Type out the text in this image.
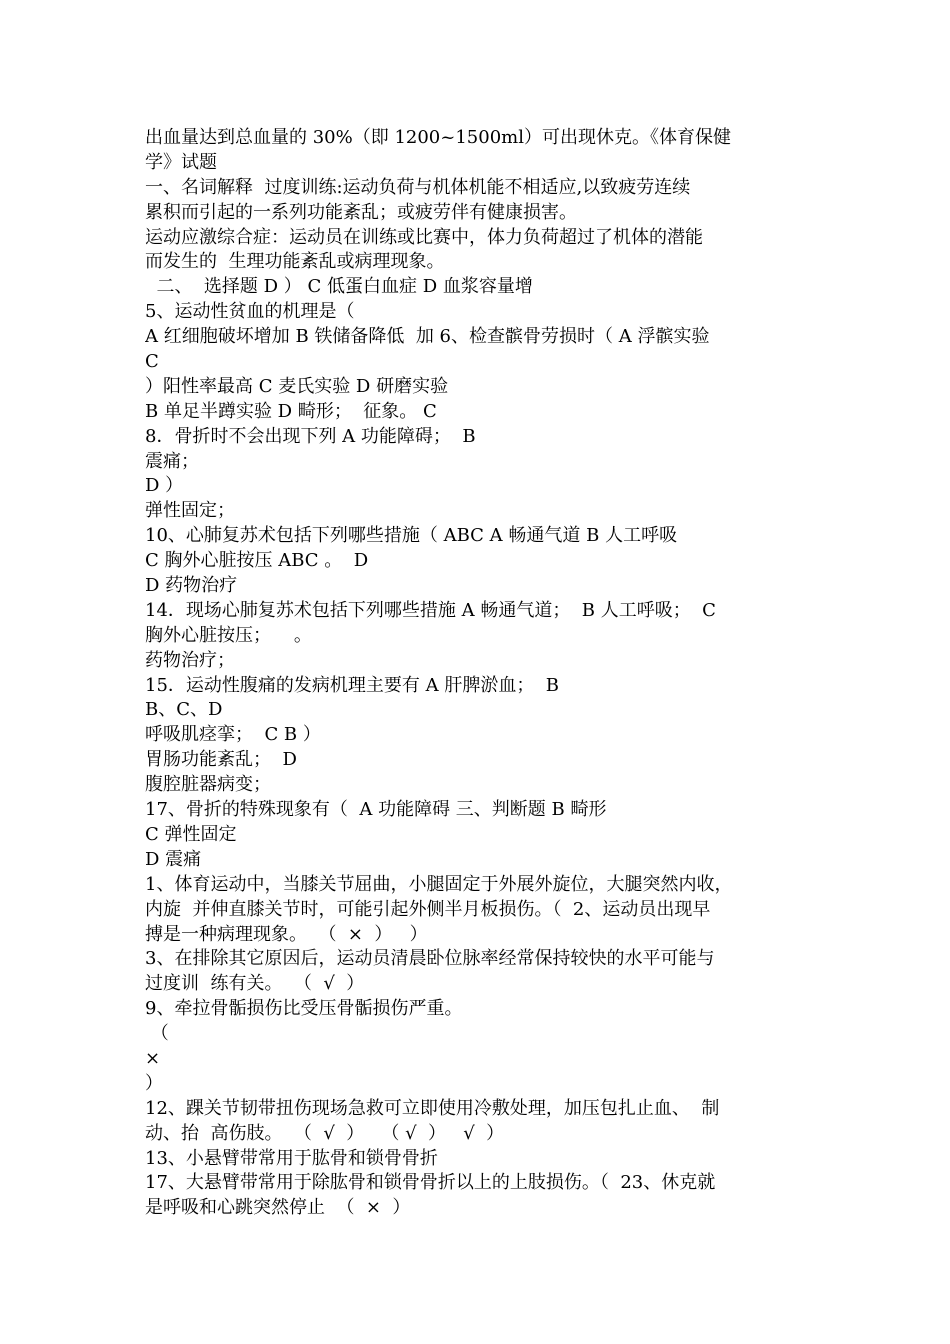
出血量达到总血量的 30%（即 1200~1500ml）可出现休克。《体育保健
学》试题
一、名词解释  过度训练:运动负荷与机体机能不相适应,以致疲劳连续
累积而引起的一系列功能紊乱；或疲劳伴有健康损害。
运动应激综合症：运动员在训练或比赛中，体力负荷超过了机体的潜能
而发生的  生理功能紊乱或病理现象。
二、  选择题 D ） C 低蛋白血症 D 血浆容量增
5、运动性贫血的机理是（
A 红细胞破坏增加 B 铁储备降低  加 6、检查髌骨劳损时（ A 浮髌实验
C
）阳性率最高 C 麦氏实验 D 研磨实验
B 单足半蹲实验 D 畸形；  征象。 C
8．骨折时不会出现下列 A 功能障碍；  B
震痛；
D ）
弹性固定；
10、心肺复苏术包括下列哪些措施（ ABC A 畅通气道 B 人工呼吸
C 胸外心脏按压 ABC 。  D
D 药物治疗
14．现场心肺复苏术包括下列哪些措施 A 畅通气道；  B 人工呼吸；  C
胸外心脏按压；    。
药物治疗；
15．运动性腹痛的发病机理主要有 A 肝脾淤血；  B
B、C、D
呼吸肌痉挛；  C B ）
胃肠功能紊乱；  D
腹腔脏器病变；
17、骨折的特殊现象有（  A 功能障碍 三、判断题 B 畸形
C 弹性固定
D 震痛
1、体育运动中，当膝关节屈曲，小腿固定于外展外旋位，大腿突然内收，
内旋  并伸直膝关节时，可能引起外侧半月板损伤。（  2、运动员出现早
搏是一种病理现象。  （  ×  ）   ）
3、在排除其它原因后，运动员清晨卧位脉率经常保持较快的水平可能与
过度训  练有关。  （  √  ）
9、牵拉骨骺损伤比受压骨骺损伤严重。
（
×
）
12、踝关节韧带扭伤现场急救可立即使用冷敷处理，加压包扎止血、  制
动、抬  高伤肢。  （  √  ）   （ √  ）   √  ）
13、小悬臂带常用于肱骨和锁骨骨折
17、大悬臂带常用于除肱骨和锁骨骨折以上的上肢损伤。（  23、休克就
是呼吸和心跳突然停止  （  ×  ）
